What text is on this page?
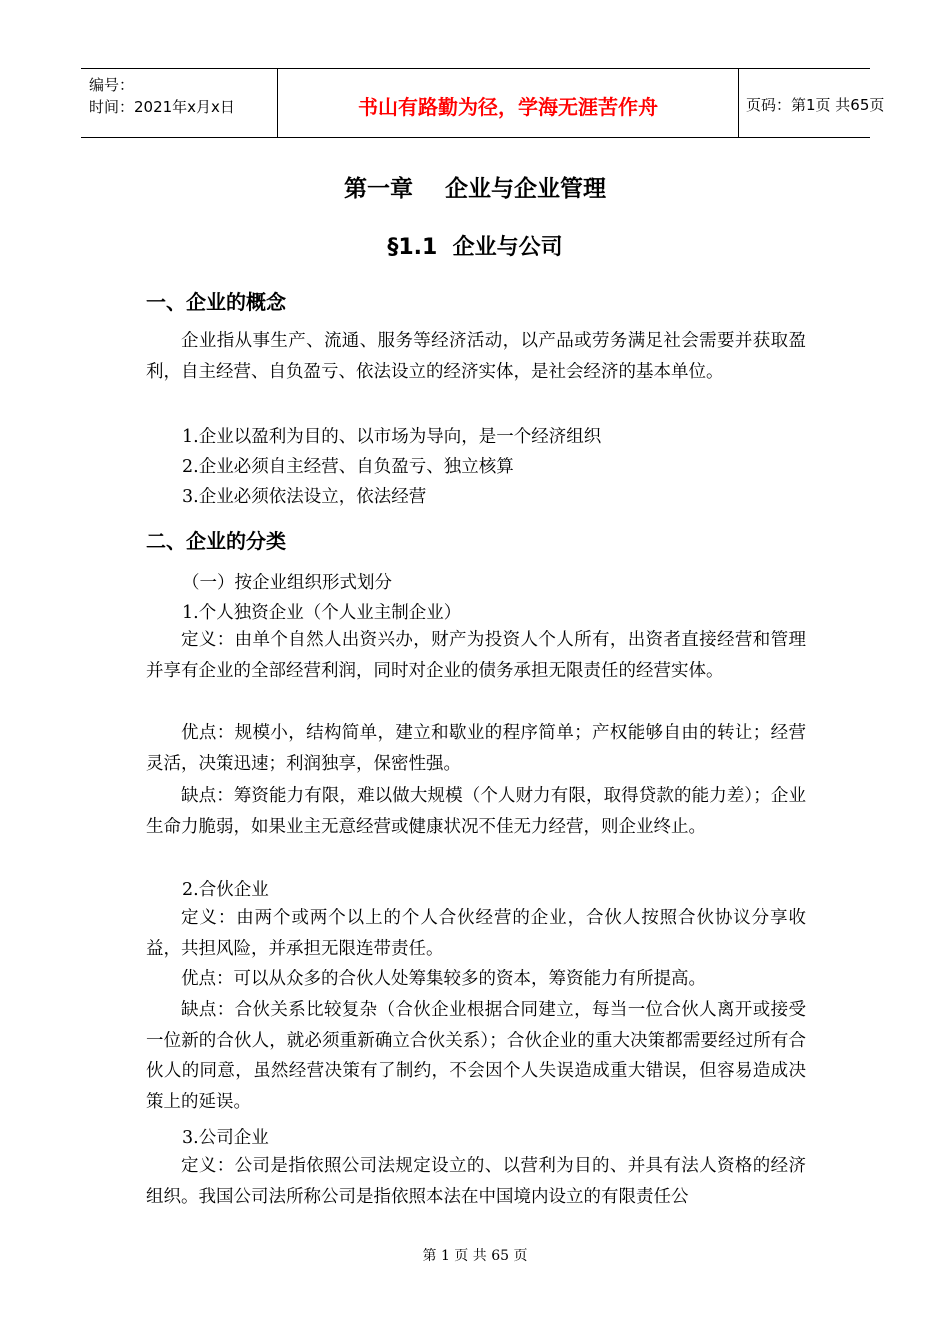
编号：
时间：2021年x月x日	书山有路勤为径，学海无涯苦作舟	页码：第1页 共65页
第一章    企业与企业管理
§1.1  企业与公司
一、企业的概念

企业指从事生产、流通、服务等经济活动，以产品或劳务满足社会需要并获取盈利，自主经营、自负盈亏、依法设立的经济实体，是社会经济的基本单位。

1.企业以盈利为目的、以市场为导向，是一个经济组织
2.企业必须自主经营、自负盈亏、独立核算
3.企业必须依法设立，依法经营
二、企业的分类
（一）按企业组织形式划分
1.个人独资企业（个人业主制企业）

定义：由单个自然人出资兴办，财产为投资人个人所有，出资者直接经营和管理并享有企业的全部经营利润，同时对企业的债务承担无限责任的经营实体。

优点：规模小，结构简单，建立和歇业的程序简单；产权能够自由的转让；经营灵活，决策迅速；利润独享，保密性强。

缺点：筹资能力有限，难以做大规模（个人财力有限，取得贷款的能力差）；企业生命力脆弱，如果业主无意经营或健康状况不佳无力经营，则企业终止。

2.合伙企业

定义：由两个或两个以上的个人合伙经营的企业，合伙人按照合伙协议分享收益，共担风险，并承担无限连带责任。

优点：可以从众多的合伙人处筹集较多的资本，筹资能力有所提高。

缺点：合伙关系比较复杂（合伙企业根据合同建立，每当一位合伙人离开或接受一位新的合伙人，就必须重新确立合伙关系）；合伙企业的重大决策都需要经过所有合伙人的同意，虽然经营决策有了制约，不会因个人失误造成重大错误，但容易造成决策上的延误。

3.公司企业

定义：公司是指依照公司法规定设立的、以营利为目的、并具有法人资格的经济组织。我国公司法所称公司是指依照本法在中国境内设立的有限责任公

第 1 页 共 65 页
